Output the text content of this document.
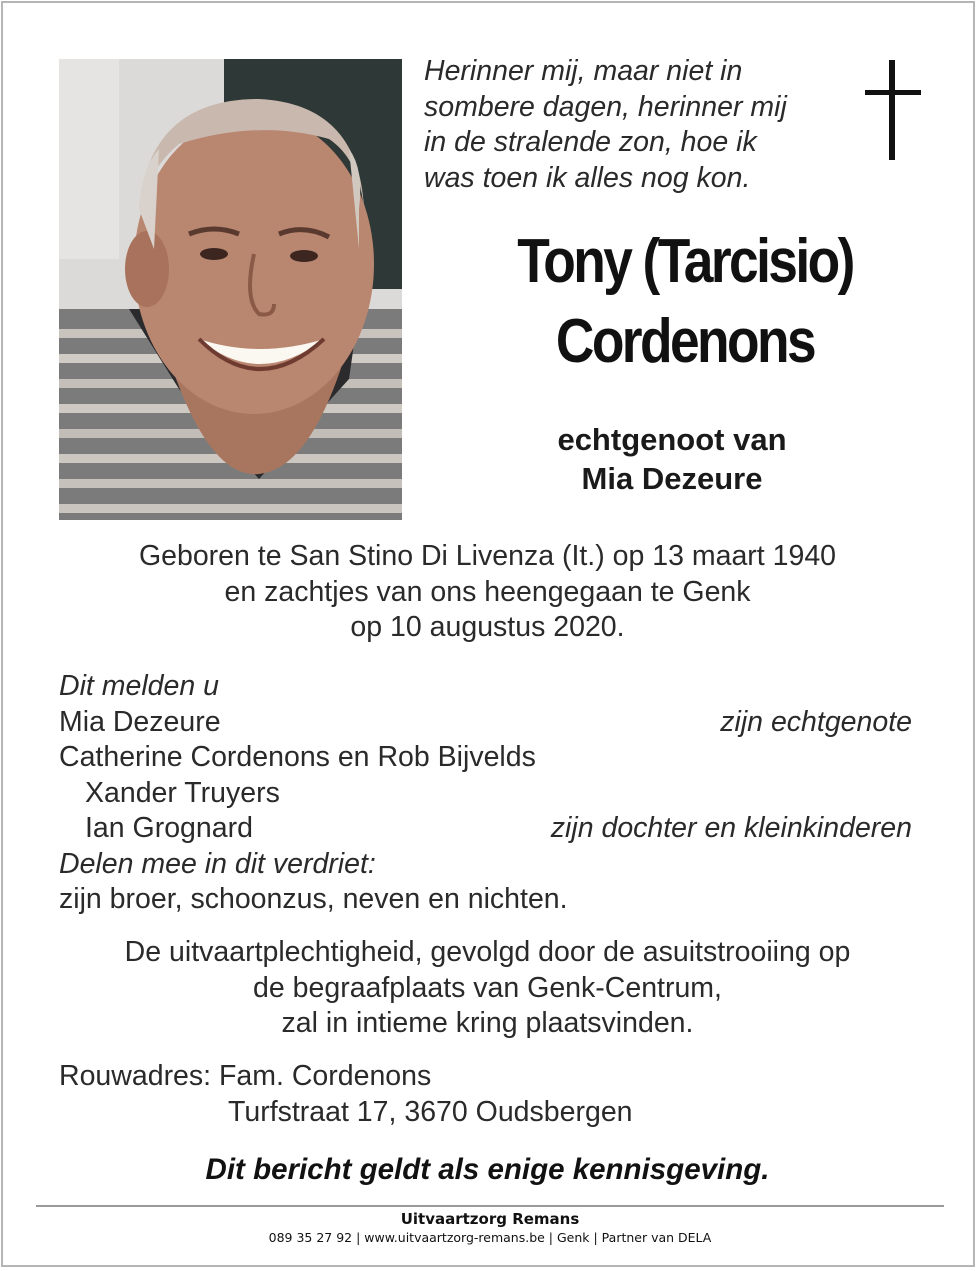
Herinner mij, maar niet in
sombere dagen, herinner mij
in de stralende zon, hoe ik
was toen ik alles nog kon.
Tony (Tarcisio)
Cordenons
echtgenoot van
Mia Dezeure
Geboren te San Stino Di Livenza (It.) op 13 maart 1940
en zachtjes van ons heengegaan te Genk
op 10 augustus 2020.
Dit melden u
Mia Dezeure	zijn echtgenote
Catherine Cordenons en Rob Bijvelds
Xander Truyers
Ian Grognard	zijn dochter en kleinkinderen
Delen mee in dit verdriet:
zijn broer, schoonzus, neven en nichten.
De uitvaartplechtigheid, gevolgd door de asuitstrooiing op
de begraafplaats van Genk-Centrum,
zal in intieme kring plaatsvinden.
Rouwadres: Fam. Cordenons
Turfstraat 17, 3670 Oudsbergen
Dit bericht geldt als enige kennisgeving.
Uitvaartzorg Remans
089 35 27 92 | www.uitvaartzorg-remans.be | Genk | Partner van DELA
